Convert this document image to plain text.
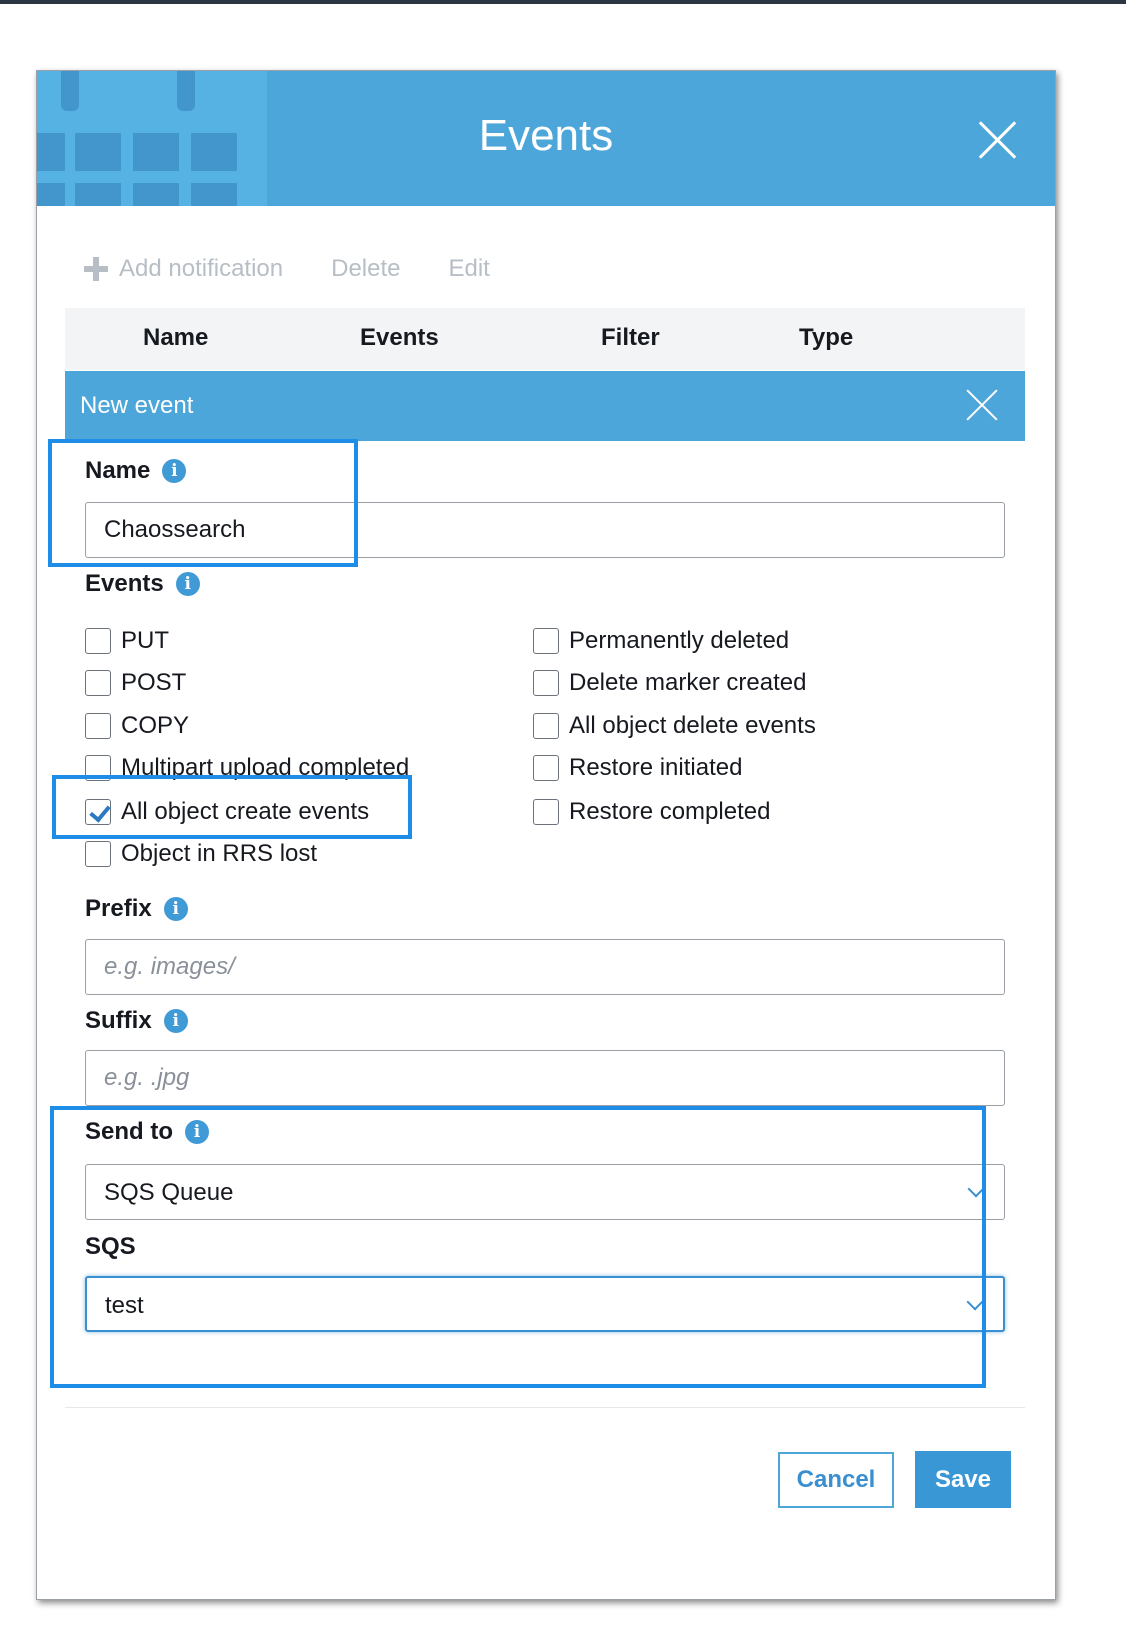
Events
Add notification Delete Edit
Name	Events	Filter	Type
New event
Name	i
Chaossearch
Events	i
PUT
POST
COPY
Multipart upload completed
All object create events
Object in RRS lost
Permanently deleted
Delete marker created
All object delete events
Restore initiated
Restore completed
Prefix	i
e.g. images/
Suffix	i
e.g. .jpg
Send to	i
SQS Queue
SQS
test
Cancel	Save
